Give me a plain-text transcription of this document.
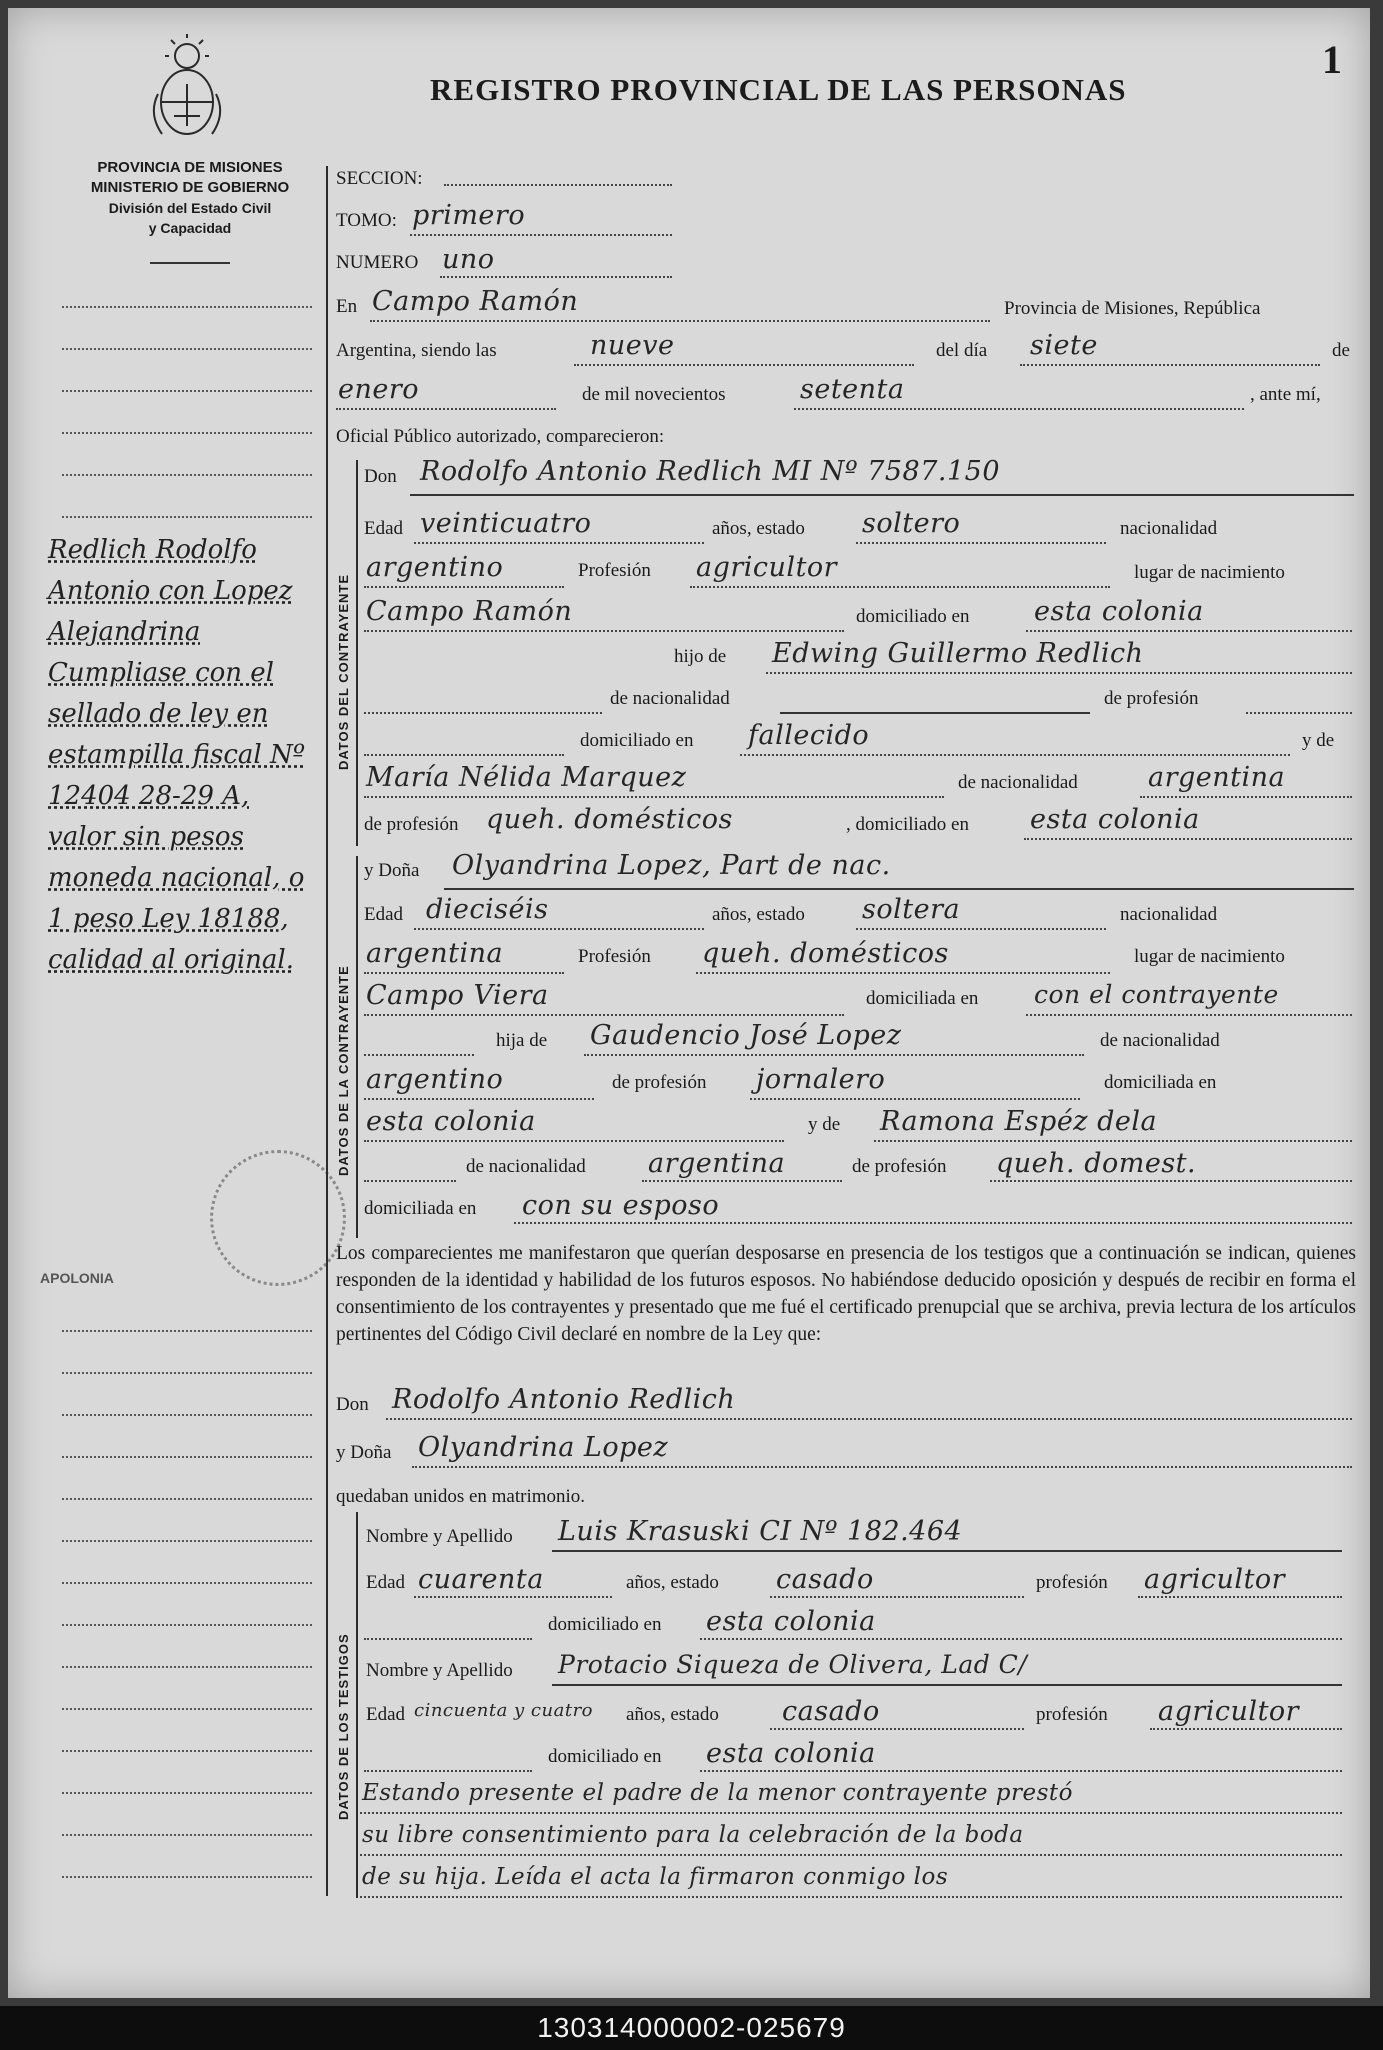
1
REGISTRO PROVINCIAL DE LAS PERSONAS
PROVINCIA DE MISIONES
MINISTERIO DE GOBIERNO
División del Estado Civil
y Capacidad
Redlich Rodolfo Antonio con Lopez Alejandrina Cumpliase con el sellado de ley en estampilla fiscal Nº 12404 28-29 A, valor sin pesos moneda nacional, o 1 peso Ley 18188, calidad al original.
APOLONIA
SECCION:
TOMO: primero
NUMERO uno
En Campo Ramón	Provincia de Misiones, República
Argentina, siendo las	nueve	del día siete	de
enero	de mil novecientos	setenta	, ante mí,
Oficial Público autorizado, comparecieron:
DATOS DEL CONTRAYENTE
Don Rodolfo Antonio Redlich MI Nº 7587.150
Edad veinticuatro	años, estado soltero	nacionalidad
argentino	Profesión agricultor	lugar de nacimiento
Campo Ramón	domiciliado en esta colonia
hijo de Edwing Guillermo Redlich
de nacionalidad	de profesión
domiciliado en fallecido	y de
María Nélida Marquez	de nacionalidad	argentina
de profesión queh. domésticos	, domiciliado en esta colonia
DATOS DE LA CONTRAYENTE
y Doña Olyandrina Lopez, Part de nac.
Edad dieciséis	años, estado soltera	nacionalidad
argentina	Profesión queh. domésticos	lugar de nacimiento
Campo Viera	domiciliada en con el contrayente
hija de Gaudencio José Lopez	de nacionalidad
argentino	de profesión jornalero	domiciliada en
esta colonia	y de Ramona Espéz dela
de nacionalidad argentina	de profesión queh. domest.
domiciliada en con su esposo
Los comparecientes me manifestaron que querían desposarse en presencia de los testigos que a continuación se indican, quienes responden de la identidad y habilidad de los futuros esposos. No habiéndose deducido oposición y después de recibir en forma el consentimiento de los contrayentes y presentado que me fué el certificado prenupcial que se archiva, previa lectura de los artículos pertinentes del Código Civil declaré en nombre de la Ley que:
Don Rodolfo Antonio Redlich
y Doña Olyandrina Lopez
quedaban unidos en matrimonio.
DATOS DE LOS TESTIGOS
Nombre y Apellido Luis Krasuski CI Nº 182.464
Edad cuarenta	años, estado casado	profesión agricultor
domiciliado en esta colonia
Nombre y Apellido Protacio Siqueza de Olivera, Lad C/
Edad cincuenta y cuatro años, estado casado	profesión agricultor
domiciliado en esta colonia
Estando presente el padre de la menor contrayente prestó
su libre consentimiento para la celebración de la boda
de su hija. Leída el acta la firmaron conmigo los
130314000002-025679
